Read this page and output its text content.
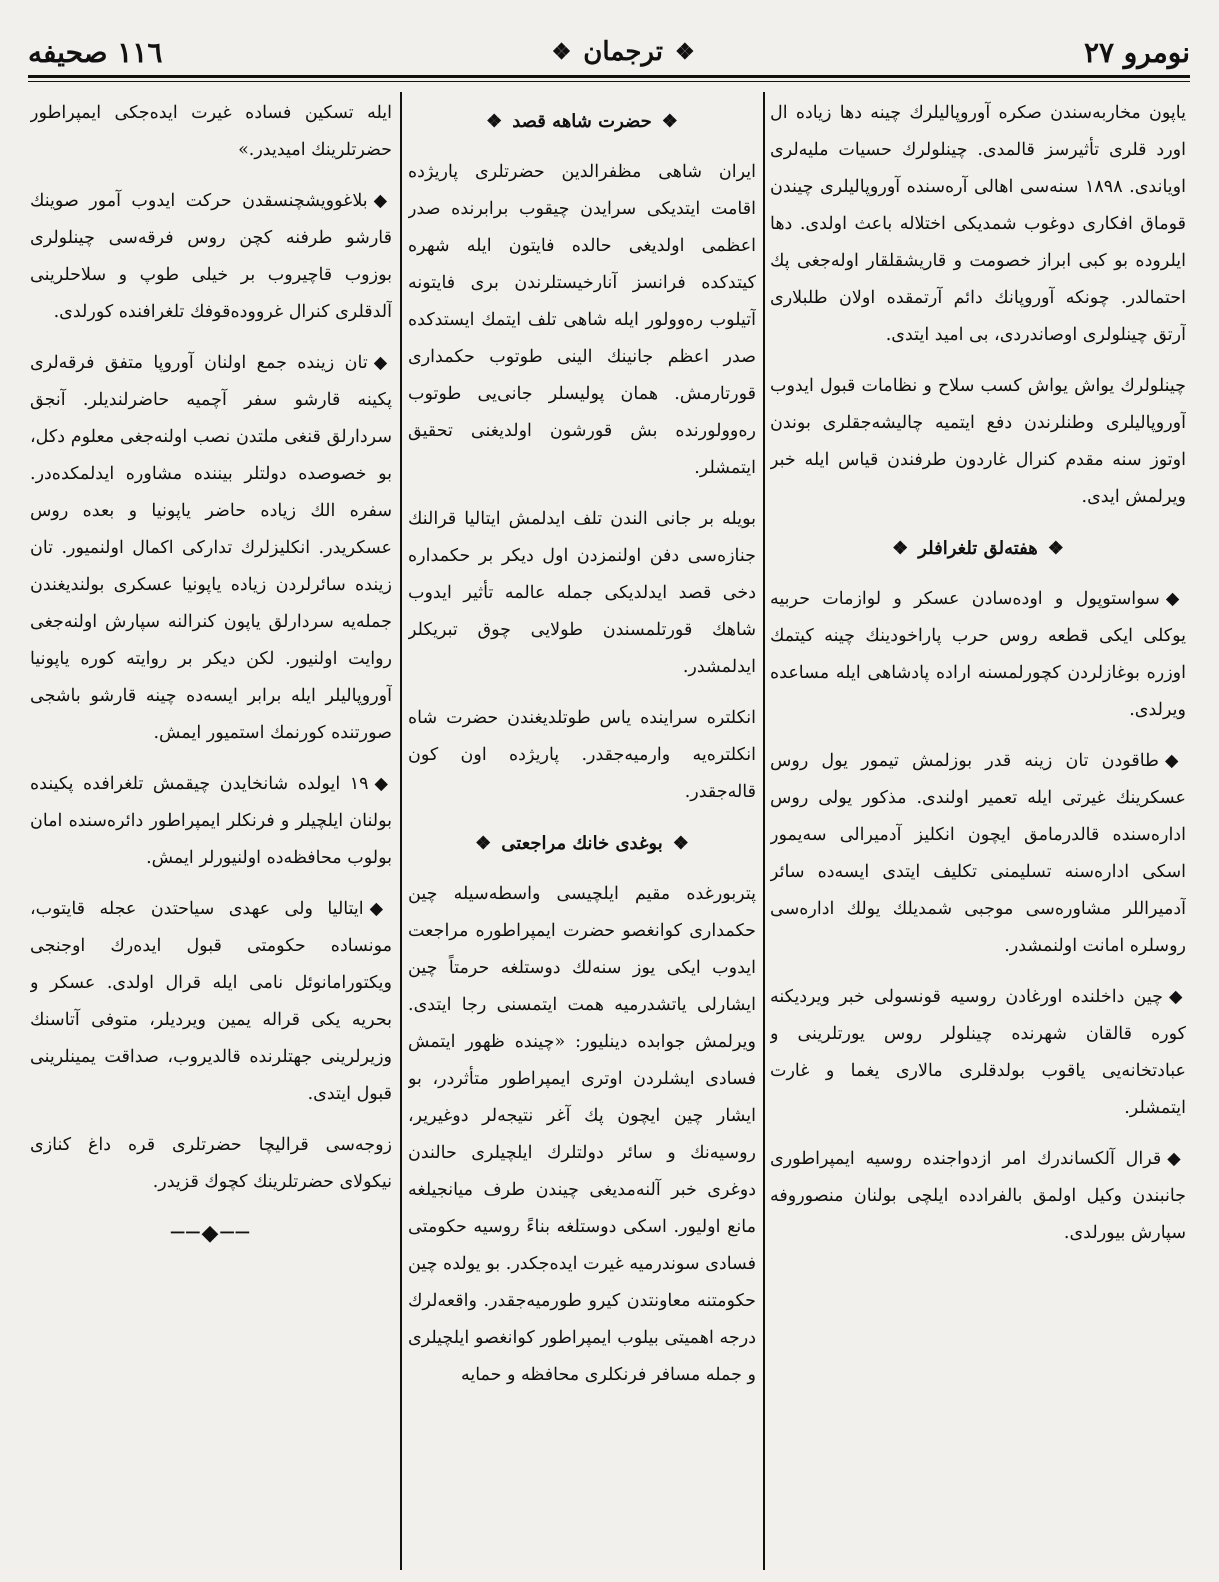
نومرو ٢٧
❖
ترجمان
❖
١١٦ صحيفه

یاپون مخاربه‌سندن صکره آوروپالیلرك چینه دها زیاده ال اورد قلری تأثیرسز قالمدی. چینلولرك حسیات ملیه‌لری اویاندی. ١٨٩٨ سنه‌سی اهالی آره‌سنده آوروپالیلری چیندن قوماق افکاری دوغوب شمدیکی اختلاله باعث اولدی. دها ایلروده بو کبی ابراز خصومت و قاریشقلقار اوله‌جغی پك احتمالدر. چونکه آوروپانك دائم آرتمقده اولان طلبلاری آرتق چینلولری اوصاندردی، بی امید ایتدی.

چینلولرك یواش یواش کسب سلاح و نظامات قبول ایدوب آوروپالیلری وطنلرندن دفع ایتمیه چالیشه‌جقلری بوندن اوتوز سنه مقدم کنرال غاردون طرفندن قیاس ایله خبر ویرلمش ایدی.

❖
هفته‌لق تلغرافلر
❖

◆سواستوپول و اوده‌سادن عسکر و لوازمات حربیه یوکلی ایکی قطعه روس حرب پاراخودینك چینه کیتمك اوزره بوغازلردن کچورلمسنه اراده پادشاهی ایله مساعده ویرلدی.

◆طاقودن تان زینه قدر بوزلمش تیمور یول روس عسکرینك غیرتی ایله تعمیر اولندی. مذکور یولی روس اداره‌سنده قالدرمامق ایچون انکلیز آدمیرالی سه‌یمور اسکی اداره‌سنه تسلیمنی تکلیف ایتدی ایسه‌ده سائر آدمیراللر مشاوره‌سی موجبی شمدیلك یولك اداره‌سی روسلره امانت اولنمشدر.

◆چین داخلنده اورغادن روسیه قونسولی خبر ویردیکنه کوره قالقان شهرنده چینلولر روس یورتلرینی و عبادتخانه‌یی یاقوب بولدقلری مالاری یغما و غارت ایتمشلر.

◆قرال آلکساندرك امر ازدواجنده روسیه ایمپراطوری جانبندن وکیل اولمق بالفرادده ایلچی بولنان منصوروفه سپارش بیورلدی.

❖
حضرت شاهه قصد
❖

ایران شاهی مظفرالدین حضرتلری پاریژده اقامت ایتدیکی سرایدن چیقوب برابرنده صدر اعظمی اولدیغی حالده فایتون ایله شهره کیتدکده فرانسز آنارخیستلرندن بری فایتونه آتیلوب ره‌وولور ایله شاهی تلف ایتمك ایستدکده صدر اعظم جانینك الینی طوتوب حکمداری قورتارمش. همان پولیسلر جانی‌یی طوتوب ره‌وولورنده بش قورشون اولدیغنی تحقیق ایتمشلر.

بویله بر جانی الندن تلف ایدلمش ایتالیا قرالنك جنازه‌سی دفن اولنمزدن اول دیکر بر حکمداره دخی قصد ایدلدیکی جمله عالمه تأثیر ایدوب شاهك قورتلمسندن طولایی چوق تبریکلر ایدلمشدر.

انکلتره سراینده یاس طوتلدیغندن حضرت شاه انکلتره‌یه وارمیه‌جقدر. پاریژده اون کون قاله‌جقدر.

❖
بوغدی خانك مراجعتی
❖

پتربورغده مقیم ایلچیسی واسطه‌سیله چین حکمداری کوانغصو حضرت ایمپراطوره مراجعت ایدوب ایکی یوز سنه‌لك دوستلغه حرمتاً چین ایشارلی یاتشدرمیه همت ایتمسنی رجا ایتدی. ویرلمش جوابده دینلیور: «چینده ظهور ایتمش فسادی ایشلردن اوتری ایمپراطور متأثردر، بو ایشار چین ایچون پك آغر نتیجه‌لر دوغیریر، روسیه‌نك و سائر دولتلرك ایلچیلری حالندن دوغری خبر آلنه‌مدیغی چیندن طرف میانجیلغه مانع اولیور. اسکی دوستلغه بناءً روسیه حکومتی فسادی سوندرمیه غیرت ایده‌جکدر. بو یولده چین حکومتنه معاونتدن کیرو طورمیه‌جقدر. واقعه‌لرك درجه اهمیتی بیلوب ایمپراطور کوانغصو ایلچیلری و جمله مسافر فرنکلری محافظه و حمایه

ایله تسکین فساده غیرت ایده‌جکی ایمپراطور حضرتلرینك امیدیدر.»

◆بلاغوویشچنسقدن حرکت ایدوب آمور صوینك قارشو طرفنه کچن روس فرقه‌سی چینلولری بوزوب قاچیروب بر خیلی طوپ و سلاحلرینی آلدقلری کنرال غرووده‌قوفك تلغرافنده کورلدی.

◆تان زینده جمع اولنان آوروپا متفق فرقه‌لری پکینه قارشو سفر آچمیه حاضرلندیلر. آنجق سردارلق قنغی ملتدن نصب اولنه‌جغی معلوم دکل، بو خصوصده دولتلر بیننده مشاوره ایدلمکده‌در. سفره الك زیاده حاضر یاپونیا و بعده روس عسکریدر. انکلیزلرك تدارکی اکمال اولنمیور. تان زینده سائرلردن زیاده یاپونیا عسکری بولندیغندن جمله‌یه سردارلق یاپون کنرالنه سپارش اولنه‌جغی روایت اولنیور. لکن دیکر بر روایته کوره یاپونیا آوروپالیلر ایله برابر ایسه‌ده چینه قارشو باشجی صورتنده کورنمك استمیور ایمش.

◆١٩ ایولده شانخایدن چیقمش تلغرافده پکینده بولنان ایلچیلر و فرنکلر ایمپراطور دائره‌سنده امان بولوب محافظه‌ده اولنیورلر ایمش.

◆ایتالیا ولی عهدی سیاحتدن عجله قایتوب، مونساده حکومتی قبول ایده‌رك اوجنجی ویکتورامانوئل نامی ایله قرال اولدی. عسکر و بحریه یکی قراله یمین ویردیلر، متوفی آتاسنك وزیرلرینی جهتلرنده قالدیروب، صداقت یمینلرینی قبول ایتدی.

زوجه‌سی قرالیچا حضرتلری قره داغ کنازی نیکولای حضرتلرینك کچوك قزیدر.

──◆──
